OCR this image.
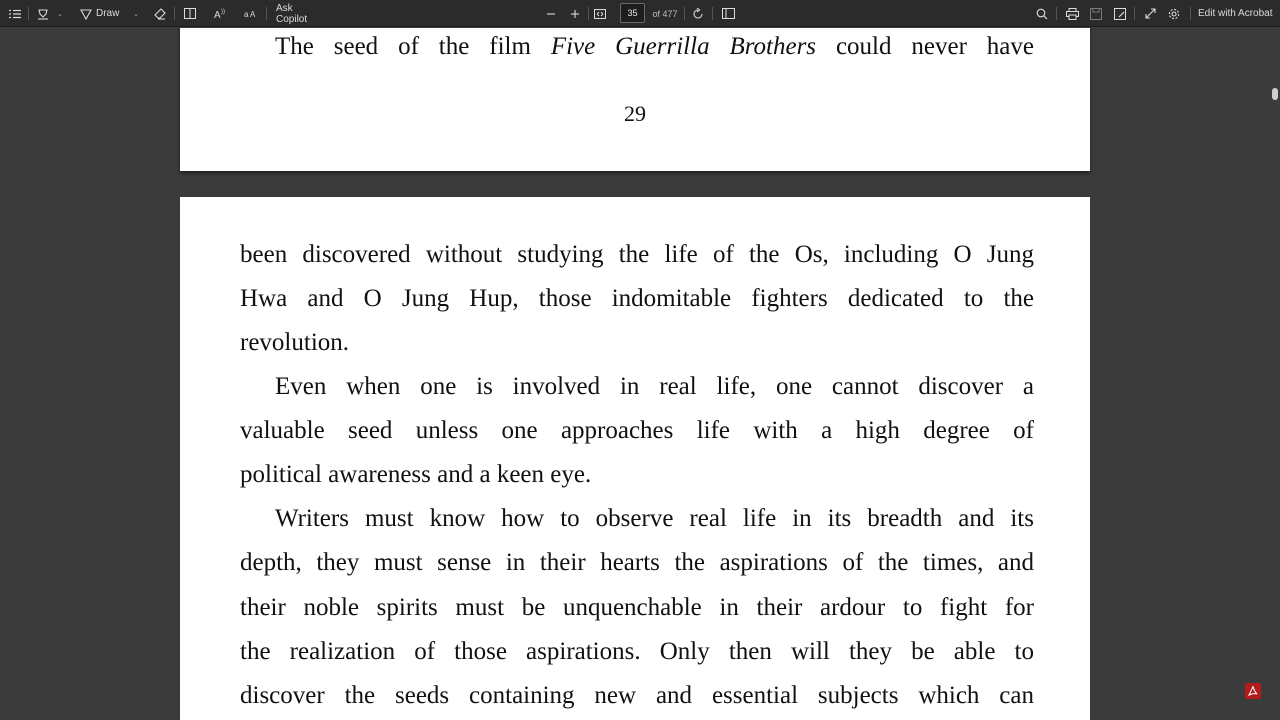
⌄	Draw ⌄	A )) a A
Ask Copilot
35	of 477	Edit with Acrobat
The seed of the film Five Guerrilla Brothers could never have
29
been discovered without studying the life of the Os, including O Jung
Hwa and O Jung Hup, those indomitable fighters dedicated to the
revolution.
Even when one is involved in real life, one cannot discover a
valuable seed unless one approaches life with a high degree of
political awareness and a keen eye.
Writers must know how to observe real life in its breadth and its
depth, they must sense in their hearts the aspirations of the times, and
their noble spirits must be unquenchable in their ardour to fight for
the realization of those aspirations. Only then will they be able to
discover the seeds containing new and essential subjects which can
